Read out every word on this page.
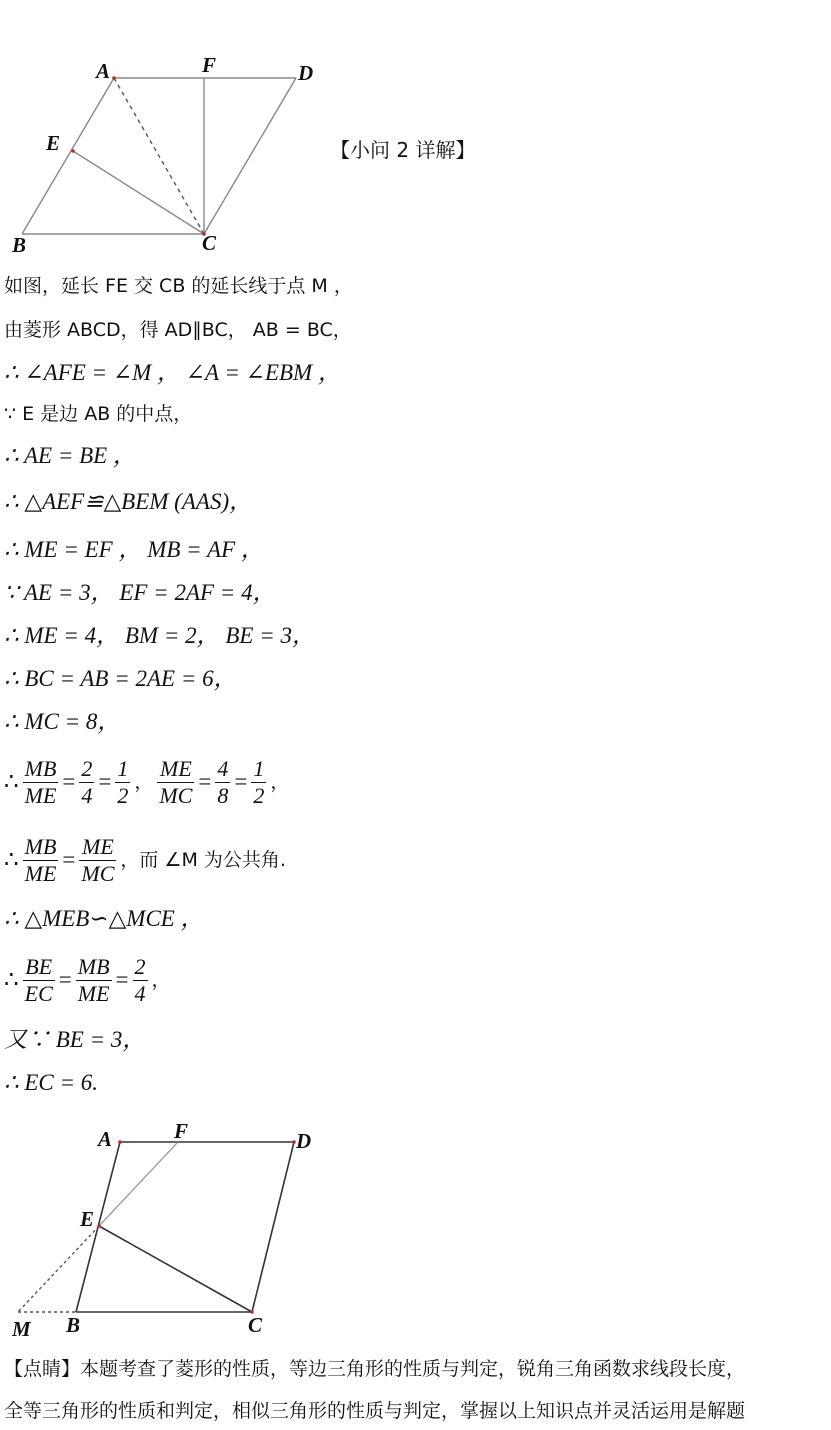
A	F	D
E
B	C
【小问 2 详解】
如图，延长 FE 交 CB 的延长线于点 M ，
由菱形 ABCD，得 AD∥BC， AB = BC，
∴ ∠AFE = ∠M ， ∠A = ∠EBM ，
∵ E 是边 AB 的中点，
∴ AE = BE ，
∴ △AEF≌△BEM (AAS)，
∴ ME = EF ， MB = AF ，
∵ AE = 3， EF = 2AF = 4，
∴ ME = 4， BM = 2， BE = 3，
∴ BC = AB = 2AE = 6，
∴ MC = 8，
∴ $\frac{MB}{ME} = \frac{2}{4} = \frac{1}{2}$ ， $\frac{ME}{MC} = \frac{4}{8} = \frac{1}{2}$ ，
∴ $\frac{MB}{ME} = \frac{ME}{MC}$ ，而 ∠M 为公共角.
∴ △MEB∽△MCE ，
∴ $\frac{BE}{EC} = \frac{MB}{ME} = \frac{2}{4}$ ，
又∵ BE = 3，
∴ EC = 6.
A	F	D
E
M B	C
【点睛】本题考查了菱形的性质，等边三角形的性质与判定，锐角三角函数求线段长度，
全等三角形的性质和判定，相似三角形的性质与判定，掌握以上知识点并灵活运用是解题
